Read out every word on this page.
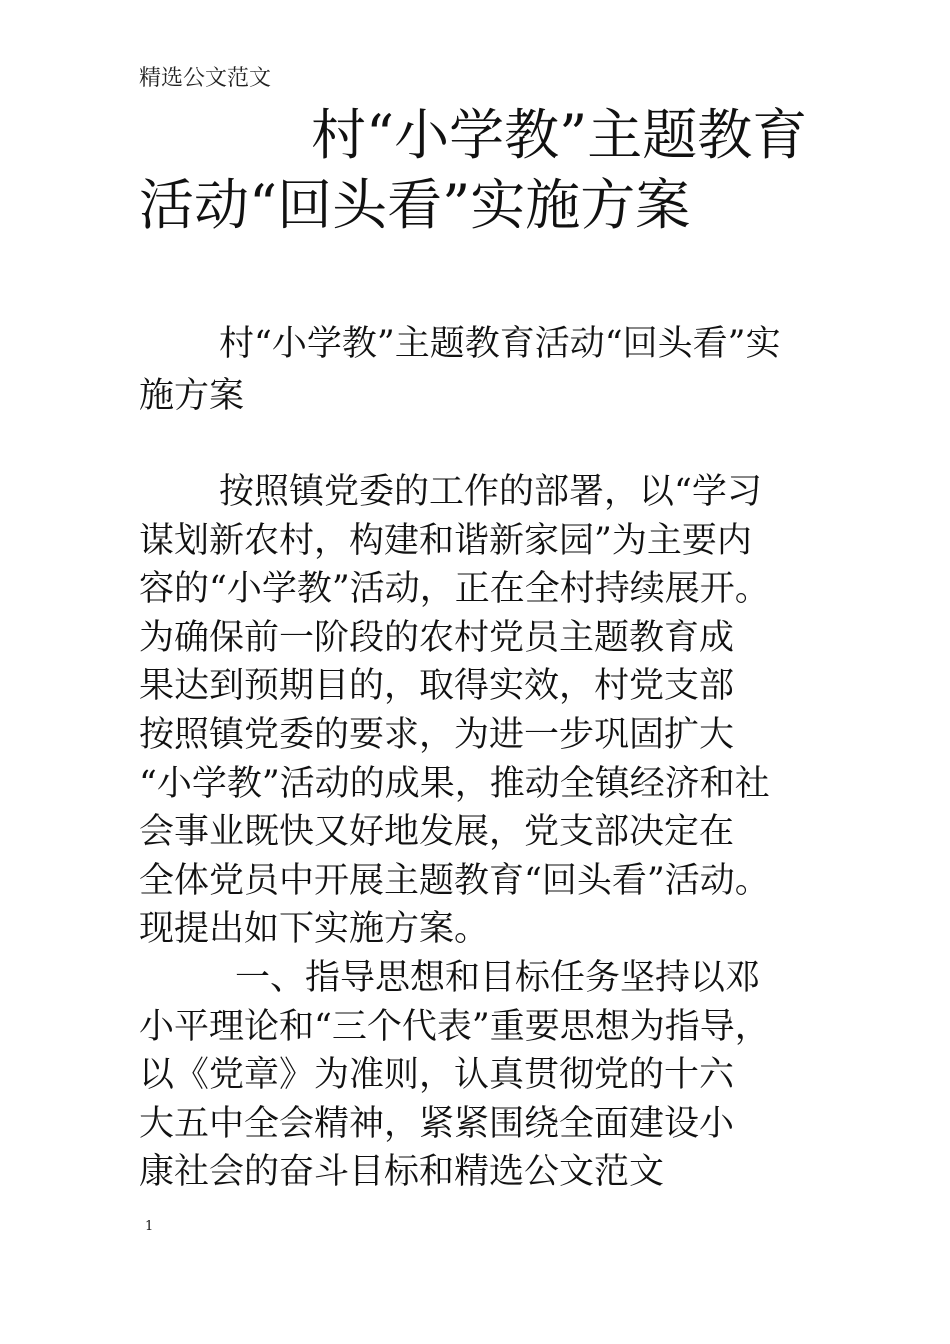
精选公文范文
村“小学教”主题教育
活动“回头看”实施方案
村“小学教”主题教育活动“回头看”实
施方案
按照镇党委的工作的部署，以“学习
谋划新农村，构建和谐新家园”为主要内
容的“小学教”活动，正在全村持续展开。
为确保前一阶段的农村党员主题教育成
果达到预期目的，取得实效，村党支部
按照镇党委的要求，为进一步巩固扩大
“小学教”活动的成果，推动全镇经济和社
会事业既快又好地发展，党支部决定在
全体党员中开展主题教育“回头看”活动。
现提出如下实施方案。
一、指导思想和目标任务坚持以邓
小平理论和“三个代表”重要思想为指导，
以《党章》为准则，认真贯彻党的十六
大五中全会精神，紧紧围绕全面建设小
康社会的奋斗目标和精选公文范文
1
